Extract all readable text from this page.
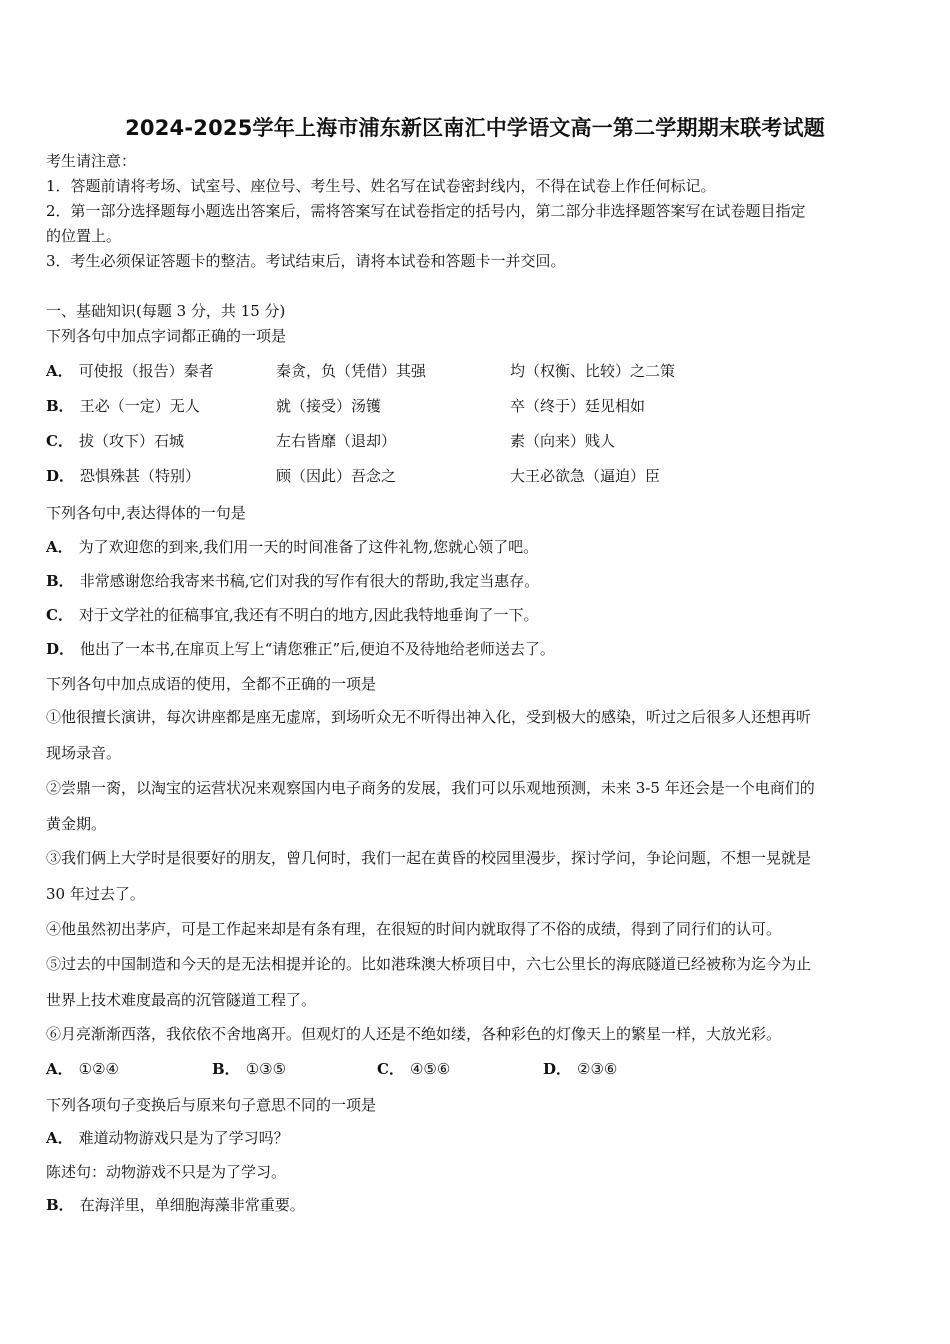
2024-2025学年上海市浦东新区南汇中学语文高一第二学期期末联考试题
考生请注意：
1．答题前请将考场、试室号、座位号、考生号、姓名写在试卷密封线内，不得在试卷上作任何标记。
2．第一部分选择题每小题选出答案后，需将答案写在试卷指定的括号内，第二部分非选择题答案写在试卷题目指定
的位置上。
3．考生必须保证答题卡的整洁。考试结束后，请将本试卷和答题卡一并交回。
一、基础知识(每题 3 分，共 15 分)
下列各句中加点字词都正确的一项是
A． 可使报（报告）秦者	秦贪，负（凭借）其强	均（权衡、比较）之二策
B． 王必（一定）无人	就（接受）汤镬	卒（终于）廷见相如
C． 拔（攻下）石城	左右皆靡（退却）	素（向来）贱人
D． 恐惧殊甚（特别）	顾（因此）吾念之	大王必欲急（逼迫）臣
下列各句中,表达得体的一句是
A． 为了欢迎您的到来,我们用一天的时间准备了这件礼物,您就心领了吧。
B． 非常感谢您给我寄来书稿,它们对我的写作有很大的帮助,我定当惠存。
C． 对于文学社的征稿事宜,我还有不明白的地方,因此我特地垂询了一下。
D． 他出了一本书,在扉页上写上“请您雅正”后,便迫不及待地给老师送去了。
下列各句中加点成语的使用，全都不正确的一项是
①他很擅长演讲，每次讲座都是座无虚席，到场听众无不听得出神入化，受到极大的感染，听过之后很多人还想再听
现场录音。
②尝鼎一脔，以淘宝的运营状况来观察国内电子商务的发展，我们可以乐观地预测，未来 3-5 年还会是一个电商们的
黄金期。
③我们俩上大学时是很要好的朋友，曾几何时，我们一起在黄昏的校园里漫步，探讨学问，争论问题，不想一晃就是
30 年过去了。
④他虽然初出茅庐，可是工作起来却是有条有理，在很短的时间内就取得了不俗的成绩，得到了同行们的认可。
⑤过去的中国制造和今天的是无法相提并论的。比如港珠澳大桥项目中，六七公里长的海底隧道已经被称为迄今为止
世界上技术难度最高的沉管隧道工程了。
⑥月亮渐渐西落，我依依不舍地离开。但观灯的人还是不绝如缕，各种彩色的灯像天上的繁星一样，大放光彩。
A． ①②④	B． ①③⑤	C． ④⑤⑥	D． ②③⑥
下列各项句子变换后与原来句子意思不同的一项是
A． 难道动物游戏只是为了学习吗？
陈述句：动物游戏不只是为了学习。
B． 在海洋里，单细胞海藻非常重要。
